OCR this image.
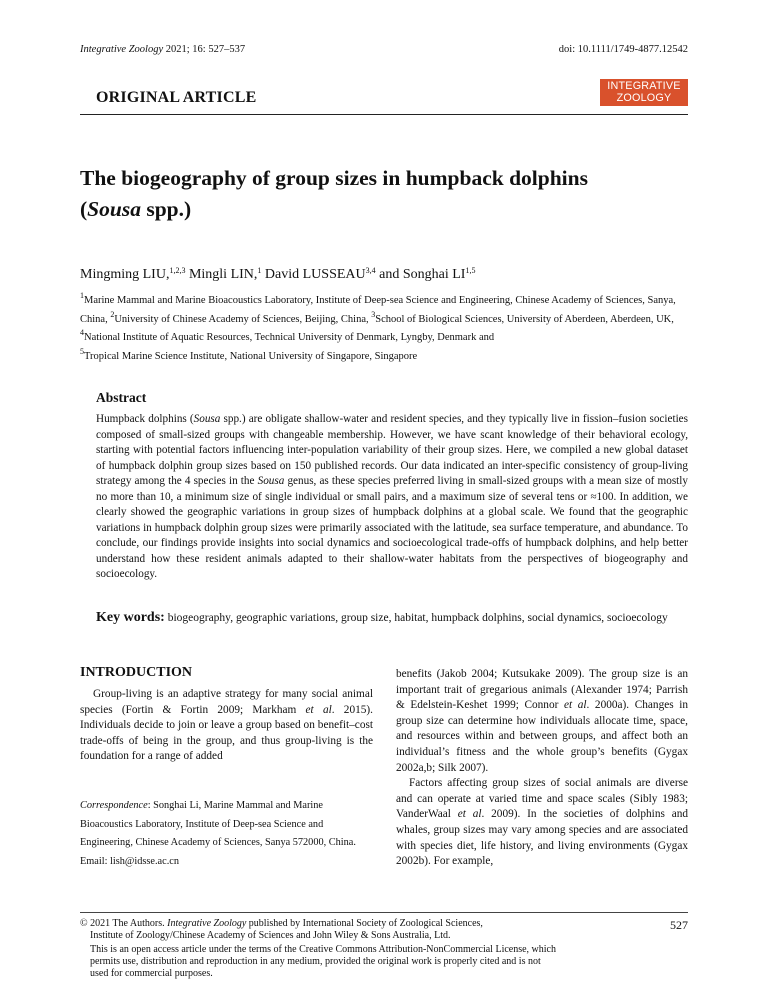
Integrative Zoology 2021; 16: 527–537	doi: 10.1111/1749-4877.12542
ORIGINAL ARTICLE
INTEGRATIVE
ZOOLOGY
The biogeography of group sizes in humpback dolphins
(Sousa spp.)
Mingming LIU,$^{1,2,3}$ Mingli LIN,$^1$ David LUSSEAU$^{3,4}$ and Songhai LI$^{1,5}$
$^1$Marine Mammal and Marine Bioacoustics Laboratory, Institute of Deep-sea Science and Engineering, Chinese Academy of Sciences, Sanya, China, $^2$University of Chinese Academy of Sciences, Beijing, China, $^3$School of Biological Sciences, University of Aberdeen, Aberdeen, UK, $^4$National Institute of Aquatic Resources, Technical University of Denmark, Lyngby, Denmark and
$^5$Tropical Marine Science Institute, National University of Singapore, Singapore
Abstract
Humpback dolphins (Sousa spp.) are obligate shallow-water and resident species, and they typically live in fission–fusion societies composed of small-sized groups with changeable membership. However, we have scant knowledge of their behavioral ecology, starting with potential factors influencing inter-population variability of their group sizes. Here, we compiled a new global dataset of humpback dolphin group sizes based on 150 published records. Our data indicated an inter-specific consistency of group-living strategy among the 4 species in the Sousa genus, as these species preferred living in small-sized groups with a mean size of mostly no more than 10, a minimum size of single individual or small pairs, and a maximum size of several tens or ≈100. In addition, we clearly showed the geographic variations in group sizes of humpback dolphins at a global scale. We found that the geographic variations in humpback dolphin group sizes were primarily associated with the latitude, sea surface temperature, and abundance. To conclude, our findings provide insights into social dynamics and socioecological trade-offs of humpback dolphins, and help better understand how these resident animals adapted to their shallow-water habitats from the perspectives of biogeography and socioecology.
Key words: biogeography, geographic variations, group size, habitat, humpback dolphins, social dynamics, socioecology
INTRODUCTION

Group-living is an adaptive strategy for many social animal species (Fortin & Fortin 2009; Markham et al. 2015). Individuals decide to join or leave a group based on benefit–cost trade-offs of being in the group, and thus group-living is the foundation for a range of added

Correspondence: Songhai Li, Marine Mammal and Marine Bioacoustics Laboratory, Institute of Deep-sea Science and Engineering, Chinese Academy of Sciences, Sanya 572000, China.
Email: lish@idsse.ac.cn

benefits (Jakob 2004; Kutsukake 2009). The group size is an important trait of gregarious animals (Alexander 1974; Parrish & Edelstein-Keshet 1999; Connor et al. 2000a). Changes in group size can determine how individuals allocate time, space, and resources within and between groups, and affect both an individual’s fitness and the whole group’s benefits (Gygax 2002a,b; Silk 2007).

Factors affecting group sizes of social animals are diverse and can operate at varied time and space scales (Sibly 1983; VanderWaal et al. 2009). In the societies of dolphins and whales, group sizes may vary among species and are associated with species diet, life history, and living environments (Gygax 2002b). For example,

© 2021 The Authors. Integrative Zoology published by International Society of Zoological Sciences,
Institute of Zoology/Chinese Academy of Sciences and John Wiley & Sons Australia, Ltd.
527
This is an open access article under the terms of the Creative Commons Attribution-NonCommercial License, which permits use, distribution and reproduction in any medium, provided the original work is properly cited and is not used for commercial purposes.
